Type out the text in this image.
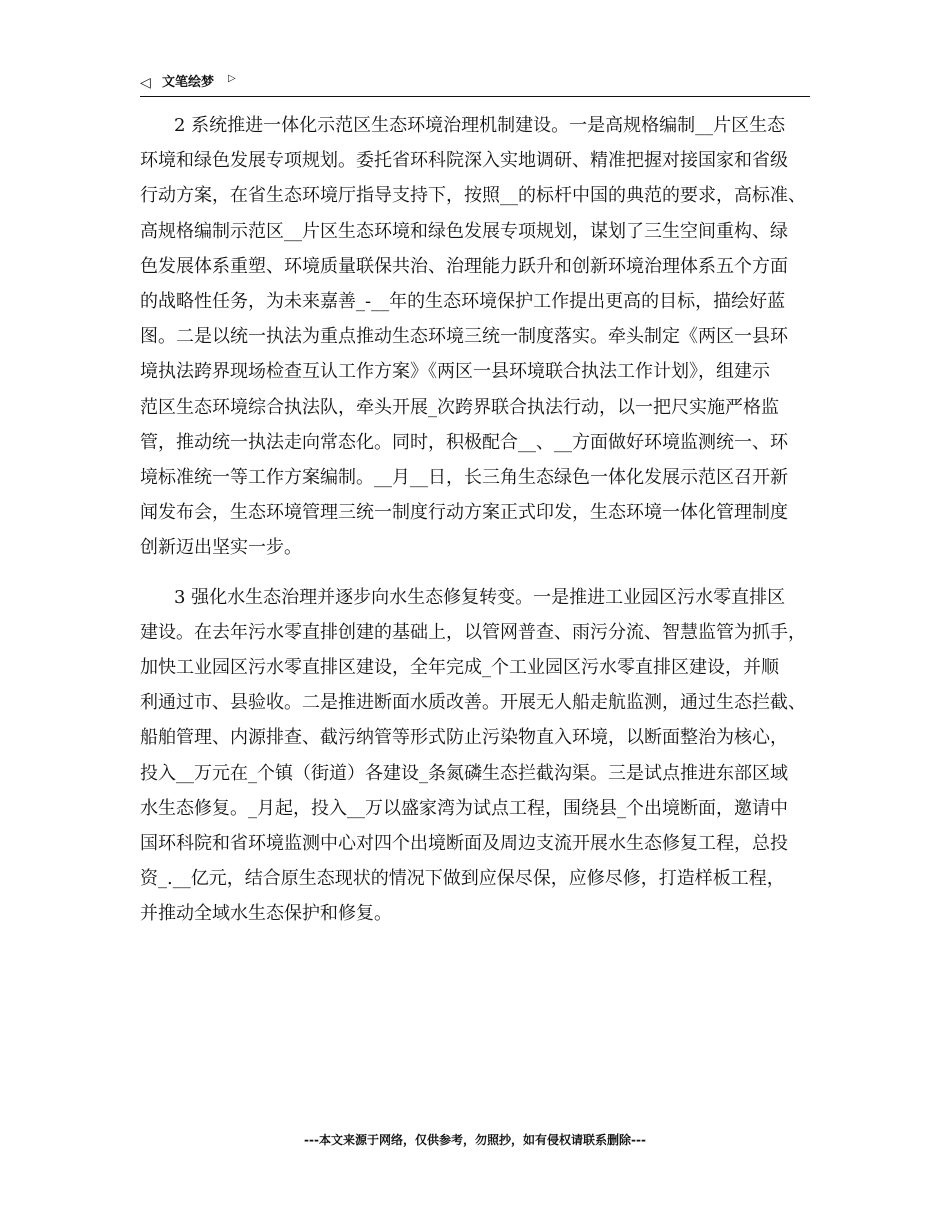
◁ 文笔绘梦 ▷

2 系统推进一体化示范区生态环境治理机制建设。一是高规格编制__片区生态
环境和绿色发展专项规划。委托省环科院深入实地调研、精准把握对接国家和省级
行动方案，在省生态环境厅指导支持下，按照__的标杆中国的典范的要求，高标准、
高规格编制示范区__片区生态环境和绿色发展专项规划，谋划了三生空间重构、绿
色发展体系重塑、环境质量联保共治、治理能力跃升和创新环境治理体系五个方面
的战略性任务，为未来嘉善_-__年的生态环境保护工作提出更高的目标，描绘好蓝
图。二是以统一执法为重点推动生态环境三统一制度落实。牵头制定《两区一县环
境执法跨界现场检查互认工作方案》《两区一县环境联合执法工作计划》，组建示
范区生态环境综合执法队，牵头开展_次跨界联合执法行动，以一把尺实施严格监
管，推动统一执法走向常态化。同时，积极配合__、__方面做好环境监测统一、环
境标准统一等工作方案编制。__月__日，长三角生态绿色一体化发展示范区召开新
闻发布会，生态环境管理三统一制度行动方案正式印发，生态环境一体化管理制度
创新迈出坚实一步。

3 强化水生态治理并逐步向水生态修复转变。一是推进工业园区污水零直排区
建设。在去年污水零直排创建的基础上，以管网普查、雨污分流、智慧监管为抓手，
加快工业园区污水零直排区建设，全年完成_个工业园区污水零直排区建设，并顺
利通过市、县验收。二是推进断面水质改善。开展无人船走航监测，通过生态拦截、
船舶管理、内源排查、截污纳管等形式防止污染物直入环境，以断面整治为核心，
投入__万元在_个镇（街道）各建设_条氮磷生态拦截沟渠。三是试点推进东部区域
水生态修复。_月起，投入__万以盛家湾为试点工程，围绕县_个出境断面，邀请中
国环科院和省环境监测中心对四个出境断面及周边支流开展水生态修复工程，总投
资_.__亿元，结合原生态现状的情况下做到应保尽保，应修尽修，打造样板工程，
并推动全域水生态保护和修复。

---本文来源于网络，仅供参考，勿照抄，如有侵权请联系删除---
